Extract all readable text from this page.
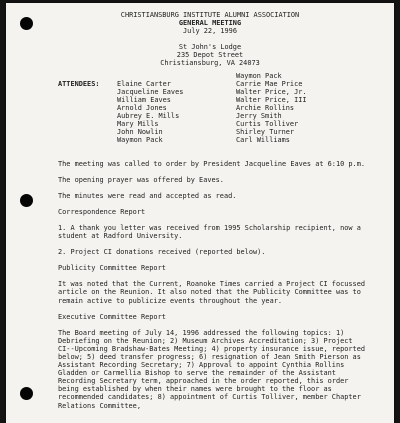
CHRISTIANSBURG INSTITUTE ALUMNI ASSOCIATION
GENERAL MEETING
July 22, 1996
St John's Lodge
235 Depot Street
Christiansburg, VA 24073
ATTENDEES:	Elaine Carter
Jacqueline Eaves
William Eaves
Arnold Jones
Aubrey E. Mills
Mary Mills
John Nowlin
Waymon Pack
Waymon Pack
Carrie Mae Price
Walter Price, Jr.
Walter Price, III
Archie Rollins
Jerry Smith
Curtis Tolliver
Shirley Turner
Carl Williams

The meeting was called to order by President Jacqueline Eaves at 6:10 p.m.

The opening prayer was offered by Eaves.

The minutes were read and accepted as read.

Correspondence Report

1. A thank you letter was received from 1995 Scholarship recipient, now a student at Radford University.

2. Project CI donations received (reported below).

Publicity Committee Report

It was noted that the Current, Roanoke Times carried a Project CI focussed article on the Reunion. It also noted that the Publicity Committee was to remain active to publicize events throughout the year.

Executive Committee Report

The Board meeting of July 14, 1996 addressed the following topics: 1) Debriefing on the Reunion; 2) Museum Archives Accreditation; 3) Project CI--Upcoming Bradshaw-Bates Meeting; 4) property insurance issue, reported below; 5) deed transfer progress; 6) resignation of Jean Smith Pierson as Assistant Recording Secretary; 7) Approval to appoint Cynthia Rollins Gladden or Carmellia Bishop to serve the remainder of the Assistant Recording Secretary term, approached in the order reported, this order being established by when their names were brought to the floor as recommended candidates; 8) appointment of Curtis Tolliver, member Chapter Relations Committee,
